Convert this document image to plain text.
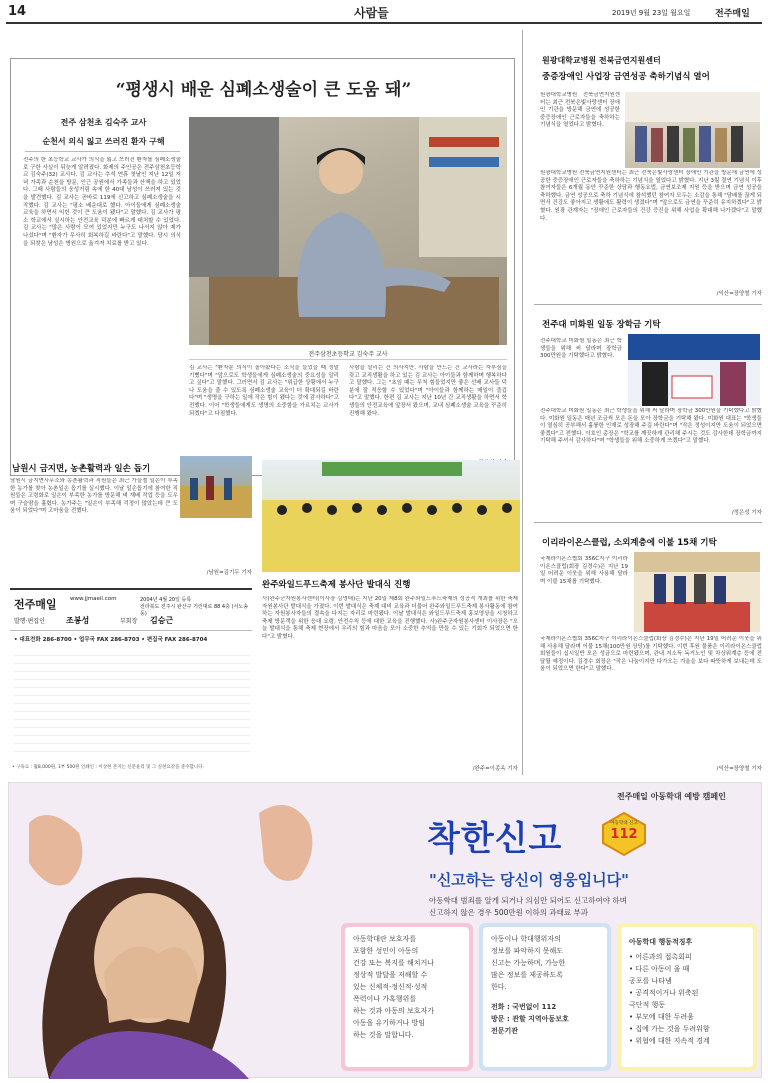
14	사람들	2019년 9월 23일 월요일	전주매일
“평생시 배운 심폐소생술이 큰 도움 돼”
전주 삼천초 김숙주 교사
순천서 의식 잃고 쓰러진 환자 구해
전주의 한 초등학교 교사가 의식을 잃고 쓰러진 환자를 심폐소생술로 구한 사실이 뒤늦게 알려졌다. 화제의 주인공은 전주삼천초등학교 김숙주(32) 교사다. 김 교사는 추석 연휴 첫날인 지난 12일 저녁 가족과 순천을 방문, 인근 공원에서 가족들과 산책을 하고 있었다. 그때 사람들의 웅성거림 속에 한 40대 남성이 쓰러져 있는 것을 발견했다. 김 교사는 곧바로 119에 신고하고 심폐소생술을 시작했다. 김 교사는 "평소 배운대로 했다. 아이들에게 심폐소생술 교육을 하면서 익힌 것이 큰 도움이 됐다"고 말했다. 김 교사가 평소 학교에서 실시하는 안전교육 덕분에 빠르게 대처할 수 있었다. 김 교사는 "많은 사람이 모여 있었지만 누구도 나서지 않아 제가 나섰다"며 "환자가 무사히 회복하길 바란다"고 말했다. 당시 의식을 되찾은 남성은 병원으로 옮겨져 치료를 받고 있다.
전주삼천초등학교 김숙주 교사
김 교사는 "환자분 의식이 돌아왔다는 소식을 들었을 때 정말 기뻤다"며 "앞으로도 학생들에게 심폐소생술의 중요성을 알리고 싶다"고 말했다. 그러면서 김 교사는 "위급한 상황에서 누구나 도움을 줄 수 있도록 심폐소생술 교육이 더 확대되길 바란다"며 "생명을 구하는 일에 작은 힘이 됐다는 것에 감사하다"고 전했다. 이어 "학생들에게도 생명의 소중함을 가르치는 교사가 되겠다"고 다짐했다.
사람을 살리는 건 의사지만, 사람을 만드는 건 교사라는 자부심을 갖고 교직생활을 하고 있는 김 교사는 아이들과 함께하며 행복하다고 말했다. 그는 "초임 때는 무척 힘들었지만 좋은 선배 교사들 덕분에 잘 적응할 수 있었다"며 "아이들과 함께하는 매일이 즐겁다"고 말했다. 한편 김 교사는 지난 10년 간 교직생활을 하면서 학생들의 안전교육에 앞장서 왔으며, 교내 심폐소생술 교육을 꾸준히 진행해 왔다.
원광대학교병원 전북금연지원센터
중증장애인 사업장 금연성공 축하기념식 열어
원광대학교병원 전북금연지원센터는 최근 전북은빛사랑센터 장애인 기관을 방문해 금연에 성공한 중증장애인 근로자들을 축하하는 기념식을 열었다고 밝혔다.
원광대학교병원 전북금연지원센터는 최근 전북은빛사랑센터 장애인 기관을 방문해 금연에 성공한 중증장애인 근로자들을 축하하는 기념식을 열었다고 밝혔다. 지난 3월 결연 기념식 이후 참여자들은 6개월 동안 꾸준한 상담과 행동요법, 금연보조제 지원 등을 받으며 금연 성공을 축하했다. 금연 성공으로 축하 기념식에 참석했던 참여자 모두는 소감을 통해 "담배를 끊게 되면서 건강도 좋아지고 생활에도 활력이 생겼다"며 "앞으로도 금연을 꾸준히 유지하겠다"고 밝혔다. 원광 관계자는 "장애인 근로자들의 건강 증진을 위해 사업을 확대해 나가겠다"고 말했다.
/익산=장양철 기자
전주대 미화원 일동 장학금 기탁
전주대학교 미화원 일동은 최근 학생들을 위해 써 달라며 장학금 300만원을 기탁했다고 밝혔다.
전주대학교 미화원 일동은 최근 학생들을 위해 써 달라며 장학금 300만원을 기탁했다고 밝혔다. 미화원 일동은 매년 조금씩 모은 돈을 모아 장학금을 기탁해 왔다. 미화원 대표는 "학생들이 열심히 공부해서 훌륭한 인재로 성장해 주길 바란다"며 "작은 정성이지만 도움이 되었으면 좋겠다"고 전했다. 이호인 총장은 "학교를 깨끗하게 관리해 주시는 것도 감사한데 장학금까지 기탁해 주셔서 감사하다"며 "학생들을 위해 소중하게 쓰겠다"고 말했다.
/정은성 기자
이리라이온스클럽, 소외계층에 이불 15채 기탁
국제라이온스협회 356C지구 이리라이온스클럽(회장 김경수)은 지난 19일 어려운 이웃을 위해 사용해 달라며 이불 15채를 기탁했다.
국제라이온스협회 356C지구 이리라이온스클럽(회장 김경수)은 지난 19일 어려운 이웃을 위해 사용해 달라며 이불 15채(100만원 상당)를 기탁했다. 이번 후원 물품은 이리라이온스클럽 회원들이 십시일반 모은 성금으로 마련됐으며, 관내 저소득 독거노인 및 차상위계층 등에 전달될 예정이다. 김경수 회장은 "작은 나눔이지만 다가오는 겨울을 보다 따뜻하게 보내는데 도움이 되었으면 한다"고 말했다.
/익산=장양철 기자
남원시 금지면, 농촌활력과 일손 돕기
남원시 금지면사무소와 농촌활력과 직원들은 최근 가을철 일손이 부족한 농가를 찾아 농촌일손 돕기를 실시했다. 이날 일손돕기에 참여한 직원들은 고령화로 일손이 부족한 농가를 방문해 벼 재배 작업 등을 도우며 구슬땀을 흘렸다. 농가주는 "일손이 부족해 걱정이 많았는데 큰 도움이 되었다"며 고마움을 전했다.
/남원=김기두 기자
완주와일드푸드축제 봉사단 발대식 진행
사)완주군자원봉사센터(이사장 김영태)는 지난 20일 제8회 완주와일드푸드축제의 성공적 개최를 위한 축제 자원봉사단 발대식을 가졌다. 이번 발대식은 축제 대비 교육과 더불어 완주와일드푸드축제 봉사활동에 참여하는 자원봉사자들의 결속을 다지는 자리로 마련됐다. 이날 발대식은 와일드푸드축제 홍보영상을 시청하고 축제 방문객을 위한 응대 요령, 안전수칙 등에 대한 교육을 진행했다. 사)완주군자원봉사센터 이사장은 "오늘 발대식을 통해 축제 현장에서 우리의 힘과 마음을 모아 소중한 추억을 만들 수 있는 기회가 되었으면 한다"고 밝혔다.
/완주=이종옥 기자
전주매일 www.jjmaeil.com	2004년 4월 20일 등록
전라북도 전주시 완산구 기린대로 88 4층 (서노송동)
발행·편집인	조봉성	부회장 김승근
• 대표전화 286-8700 • 업무국 FAX 286-8703 • 편집국 FAX 286-8704
• 구독료 : 월8,000원, 1부 500원 인쇄인 : 이상현 본지는 신문윤리 및 그 실천요강을 준수합니다.
전주매일 아동학대 예방 캠페인
착한신고	아동학대 신고
112
"신고하는 당신이 영웅입니다"
아동학대 범죄를 알게 되거나 의심만 되어도 신고하여야 하며
신고하지 않은 경우 500만원 이하의 과태료 부과
아동학대란 보호자를
포함한 성인이 아동의
건강 또는 복지를 해치거나
정상적 발달을 저해할 수
있는 신체적·정신적·성적
폭력이나 가혹행위를
하는 것과 아동의 보호자가
아동을 유기하거나 방임
하는 것을 말합니다.
아동이나 학대행위자의
정보를 파악하지 못해도
신고는 가능하며, 가능한
많은 정보를 제공하도록
한다.
전화 : 국번없이 112
방문 : 관할 지역아동보호
전문기관
아동학대 행동적징후
• 어른과의 접촉회피
• 다른 아동이 울 때
공포를 나타냄
• 공격적이거나 위축된
극단적 행동
• 부모에 대한 두려움
• 집에 가는 것을 두려워함
• 위협에 대한 지속적 경계
